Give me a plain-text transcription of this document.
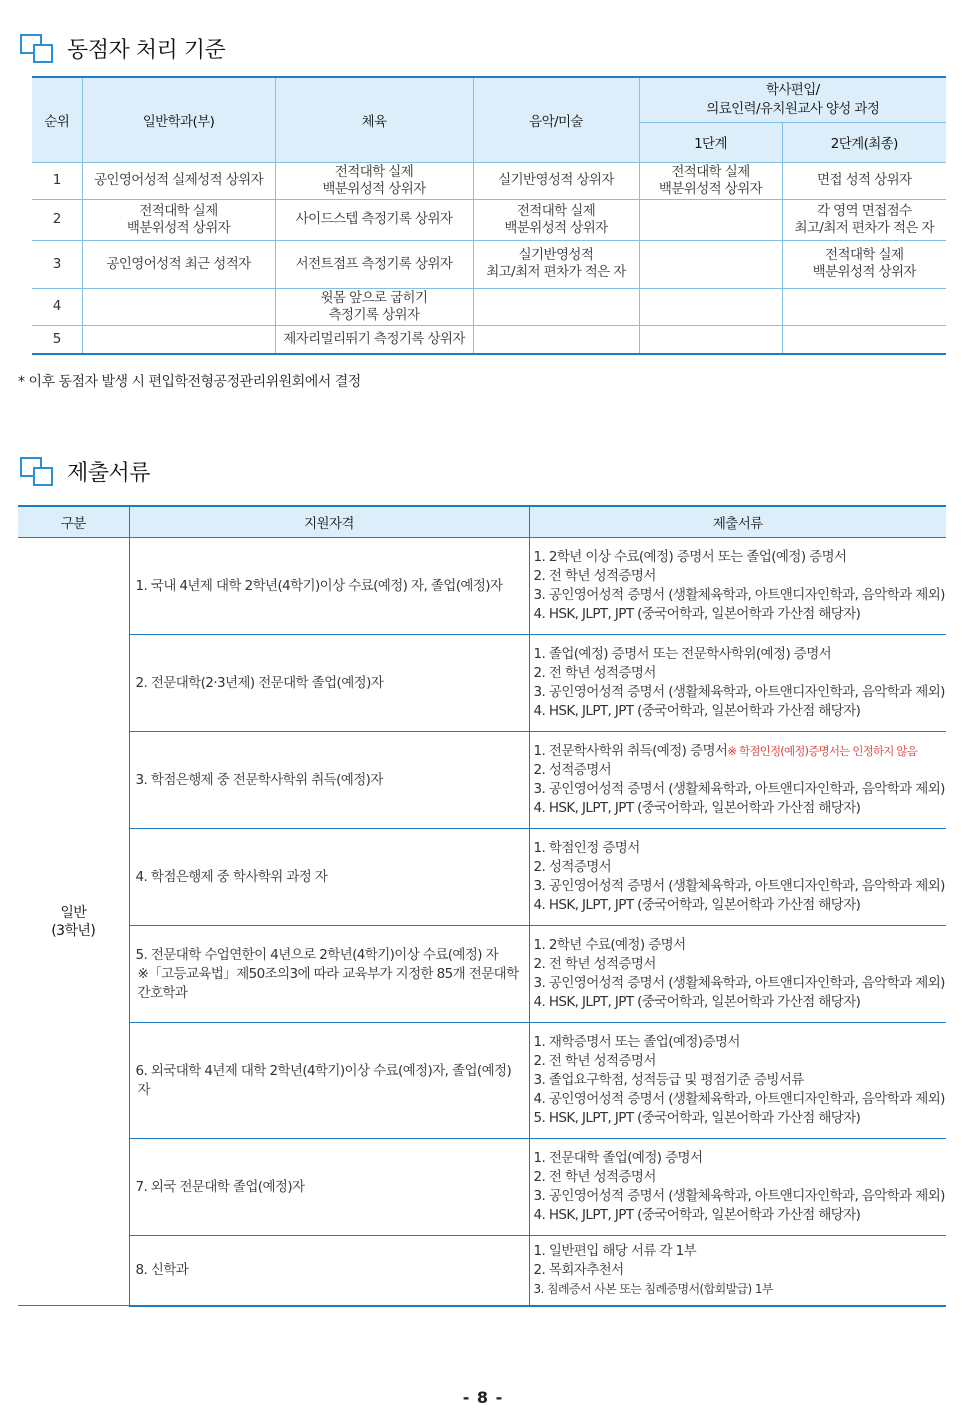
동점자 처리 기준
순위	일반학과(부)	체육	음악/미술	학사편입/
의료인력/유치원교사 양성 과정	

				1단계	2단계(최종)
1	공인영어성적 실제성적 상위자	전적대학 실제
백분위성적 상위자	실기반영성적 상위자	전적대학 실제
백분위성적 상위자	면접 성적 상위자

2	전적대학 실제
백분위성적 상위자	사이드스텝 측정기록 상위자	전적대학 실제
백분위성적 상위자		각 영역 면접점수
최고/최저 편차가 적은 자

3	공인영어성적 최근 성적자	서전트점프 측정기록 상위자	실기반영성적
최고/최저 편차가 적은 자		전적대학 실제
백분위성적 상위자

4		윗몸 앞으로 굽히기
측정기록 상위자			

5		제자리멀리뛰기 측정기록 상위자			

* 이후 동점자 발생 시 편입학전형공정관리위원회에서 결정
제출서류
구분	지원자격	제출서류

일반
(3학년)	1. 국내 4년제 대학 2학년(4학기)이상 수료(예정) 자, 졸업(예정)자	1. 2학년 이상 수료(예정) 증명서 또는 졸업(예정) 증명서
2. 전 학년 성적증명서
3. 공인영어성적 증명서 (생활체육학과, 아트앤디자인학과, 음악학과 제외)
4. HSK, JLPT, JPT (중국어학과, 일본어학과 가산점 해당자)

	2. 전문대학(2·3년제) 전문대학 졸업(예정)자	1. 졸업(예정) 증명서 또는 전문학사학위(예정) 증명서
2. 전 학년 성적증명서
3. 공인영어성적 증명서 (생활체육학과, 아트앤디자인학과, 음악학과 제외)
4. HSK, JLPT, JPT (중국어학과, 일본어학과 가산점 해당자)

	3. 학점은행제 중 전문학사학위 취득(예정)자	1. 전문학사학위 취득(예정) 증명서※ 학점인정(예정)증명서는 인정하지 않음
2. 성적증명서
3. 공인영어성적 증명서 (생활체육학과, 아트앤디자인학과, 음악학과 제외)
4. HSK, JLPT, JPT (중국어학과, 일본어학과 가산점 해당자)

	4. 학점은행제 중 학사학위 과정 자	1. 학점인정 증명서
2. 성적증명서
3. 공인영어성적 증명서 (생활체육학과, 아트앤디자인학과, 음악학과 제외)
4. HSK, JLPT, JPT (중국어학과, 일본어학과 가산점 해당자)

	5. 전문대학 수업연한이 4년으로 2학년(4학기)이상 수료(예정) 자
※「고등교육법」제50조의3에 따라 교육부가 지정한 85개 전문대학
간호학과	1. 2학년 수료(예정) 증명서
2. 전 학년 성적증명서
3. 공인영어성적 증명서 (생활체육학과, 아트앤디자인학과, 음악학과 제외)
4. HSK, JLPT, JPT (중국어학과, 일본어학과 가산점 해당자)

	6. 외국대학 4년제 대학 2학년(4학기)이상 수료(예정)자, 졸업(예정)
자	1. 재학증명서 또는 졸업(예정)증명서
2. 전 학년 성적증명서
3. 졸업요구학점, 성적등급 및 평점기준 증빙서류
4. 공인영어성적 증명서 (생활체육학과, 아트앤디자인학과, 음악학과 제외)
5. HSK, JLPT, JPT (중국어학과, 일본어학과 가산점 해당자)

	7. 외국 전문대학 졸업(예정)자	1. 전문대학 졸업(예정) 증명서
2. 전 학년 성적증명서
3. 공인영어성적 증명서 (생활체육학과, 아트앤디자인학과, 음악학과 제외)
4. HSK, JLPT, JPT (중국어학과, 일본어학과 가산점 해당자)

	8. 신학과	1. 일반편입 해당 서류 각 1부
2. 목회자추천서
3. 침례증서 사본 또는 침례증명서(합회발급) 1부
- 8 -
